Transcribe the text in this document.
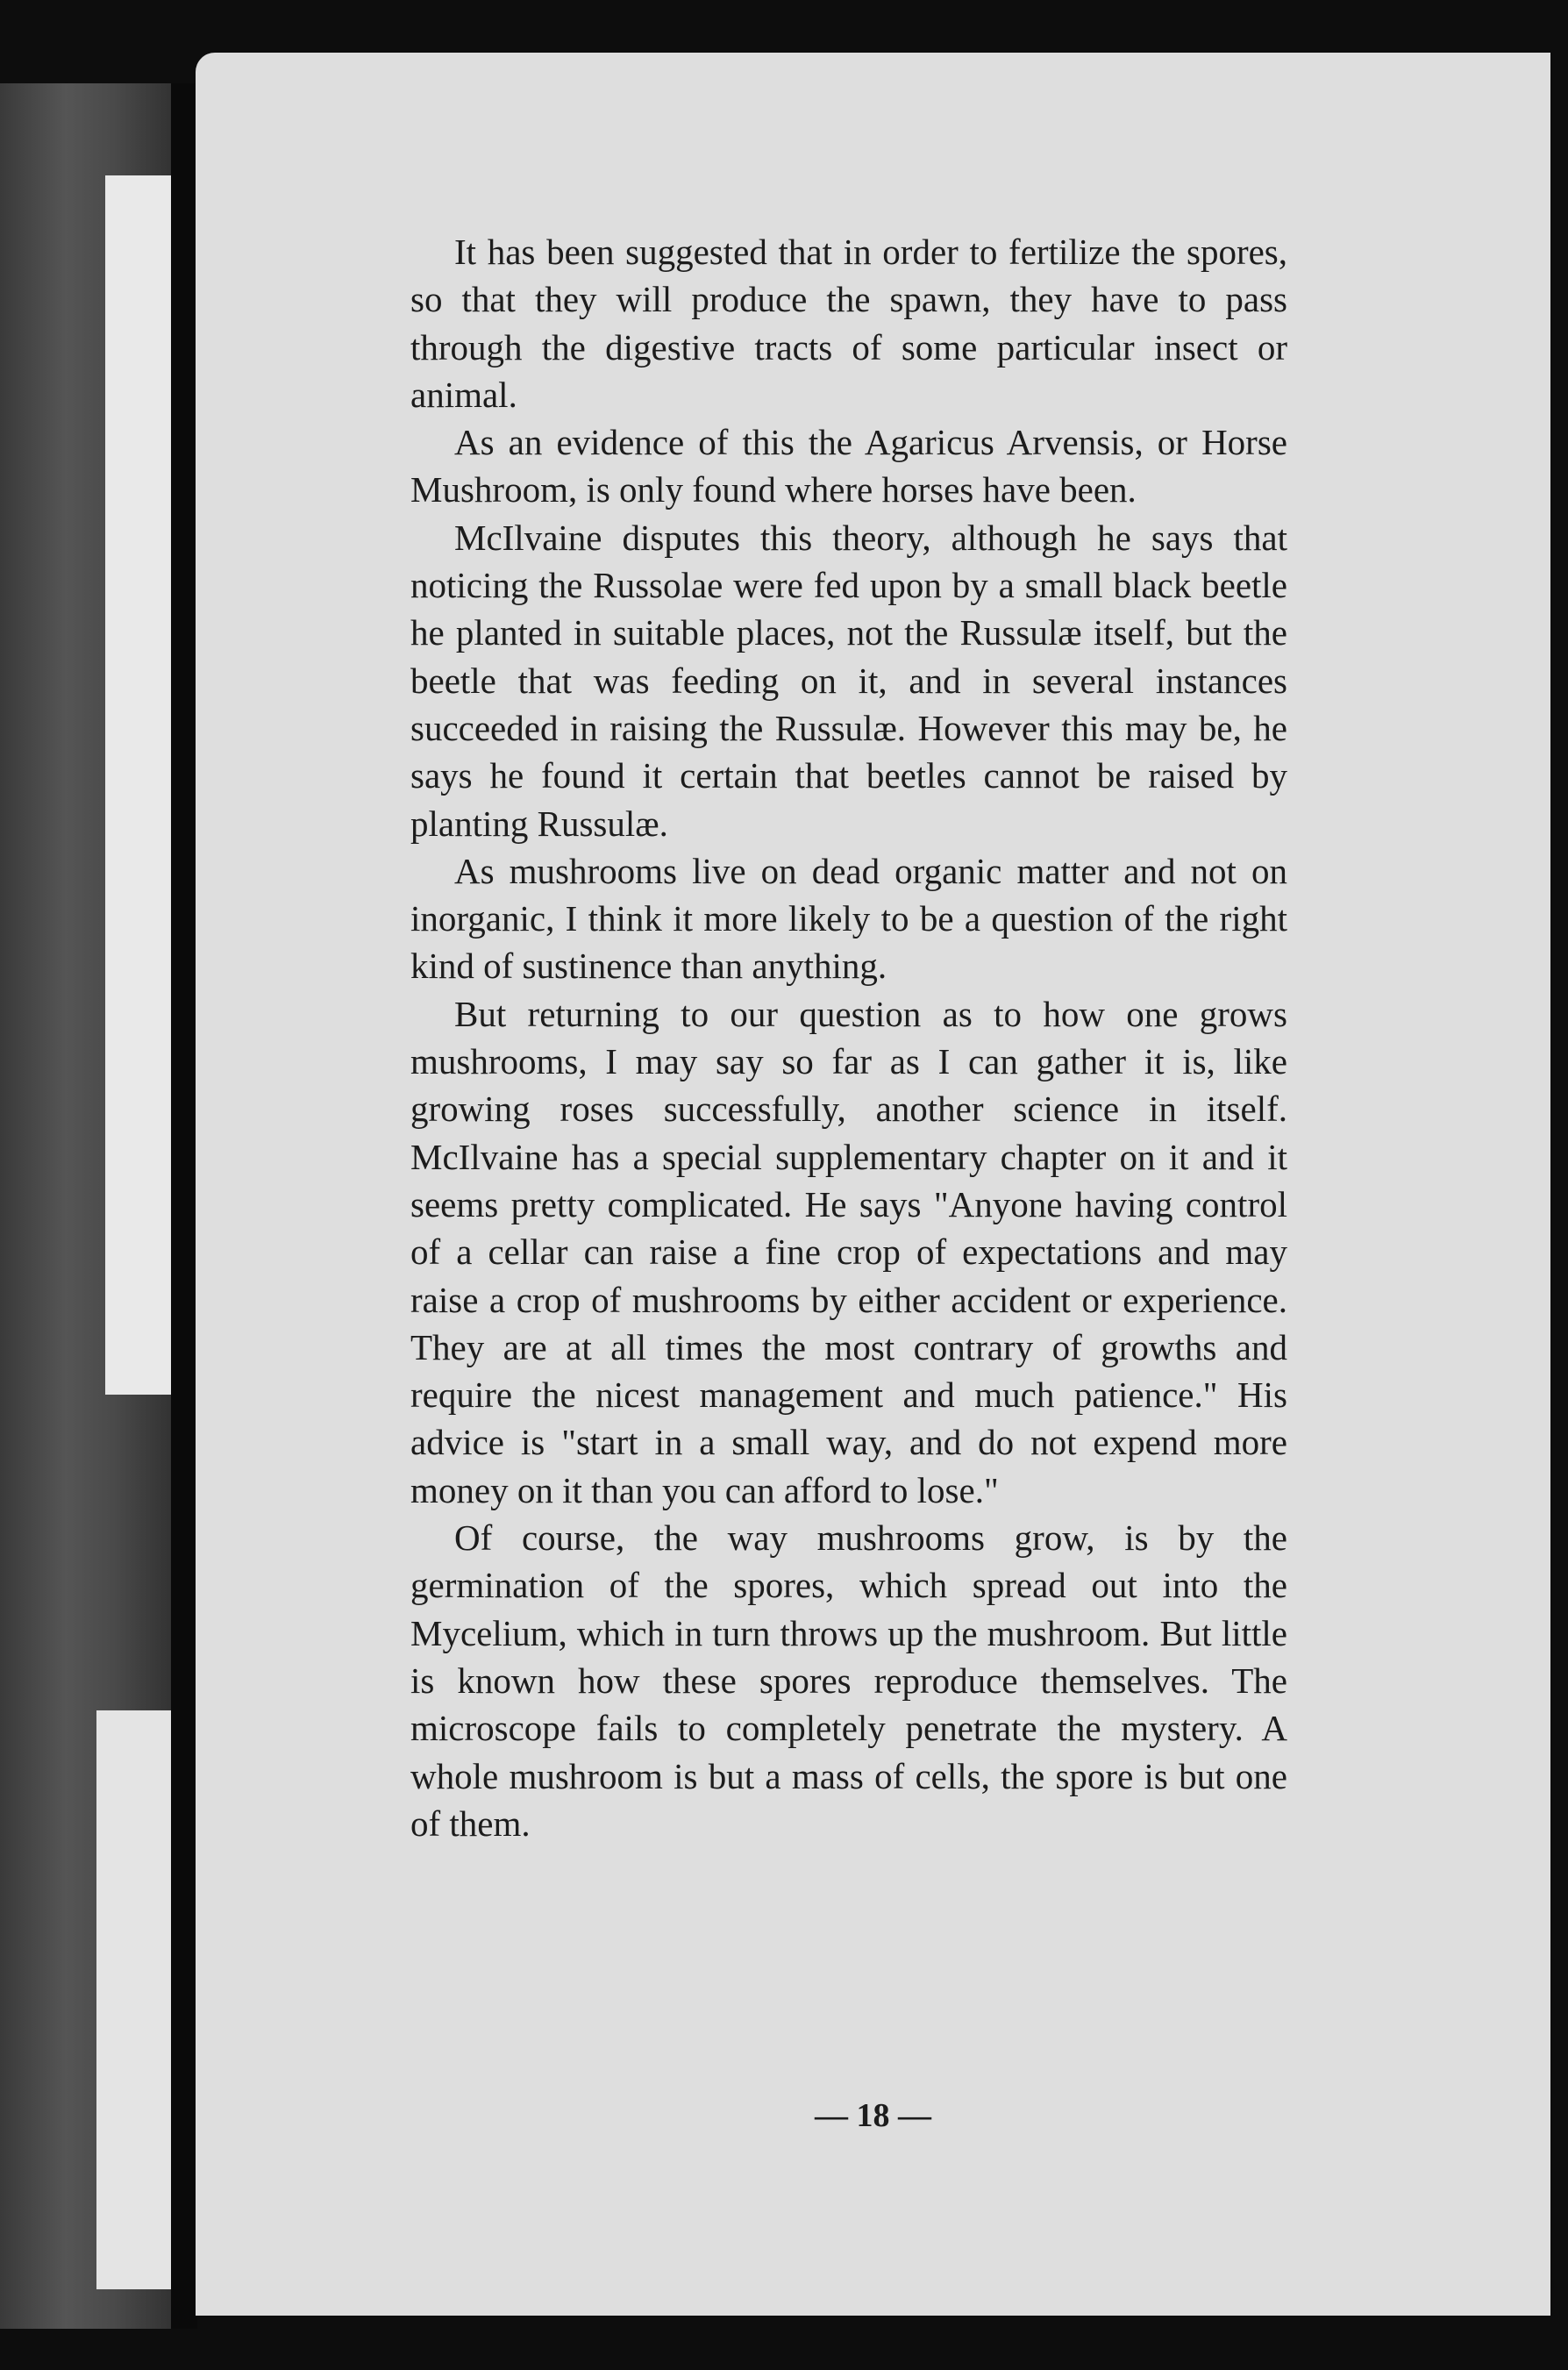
It has been suggested that in order to fertilize the spores, so that they will produce the spawn, they have to pass through the digestive tracts of some particular insect or animal.

As an evidence of this the Agaricus Arvensis, or Horse Mushroom, is only found where horses have been.

McIlvaine disputes this theory, although he says that noticing the Russolae were fed upon by a small black beetle he planted in suitable places, not the Russulæ itself, but the beetle that was feeding on it, and in several instances succeeded in raising the Russulæ. However this may be, he says he found it certain that beetles cannot be raised by planting Russulæ.

As mushrooms live on dead organic matter and not on inorganic, I think it more likely to be a question of the right kind of sustinence than anything.

But returning to our question as to how one grows mushrooms, I may say so far as I can gather it is, like growing roses successfully, another science in itself. McIlvaine has a special supplementary chapter on it and it seems pretty complicated. He says "Anyone having control of a cellar can raise a fine crop of expectations and may raise a crop of mushrooms by either accident or experience. They are at all times the most contrary of growths and require the nicest management and much patience." His advice is "start in a small way, and do not expend more money on it than you can afford to lose."

Of course, the way mushrooms grow, is by the germination of the spores, which spread out into the Mycelium, which in turn throws up the mushroom. But little is known how these spores reproduce themselves. The microscope fails to completely penetrate the mystery. A whole mushroom is but a mass of cells, the spore is but one of them.

— 18 —
